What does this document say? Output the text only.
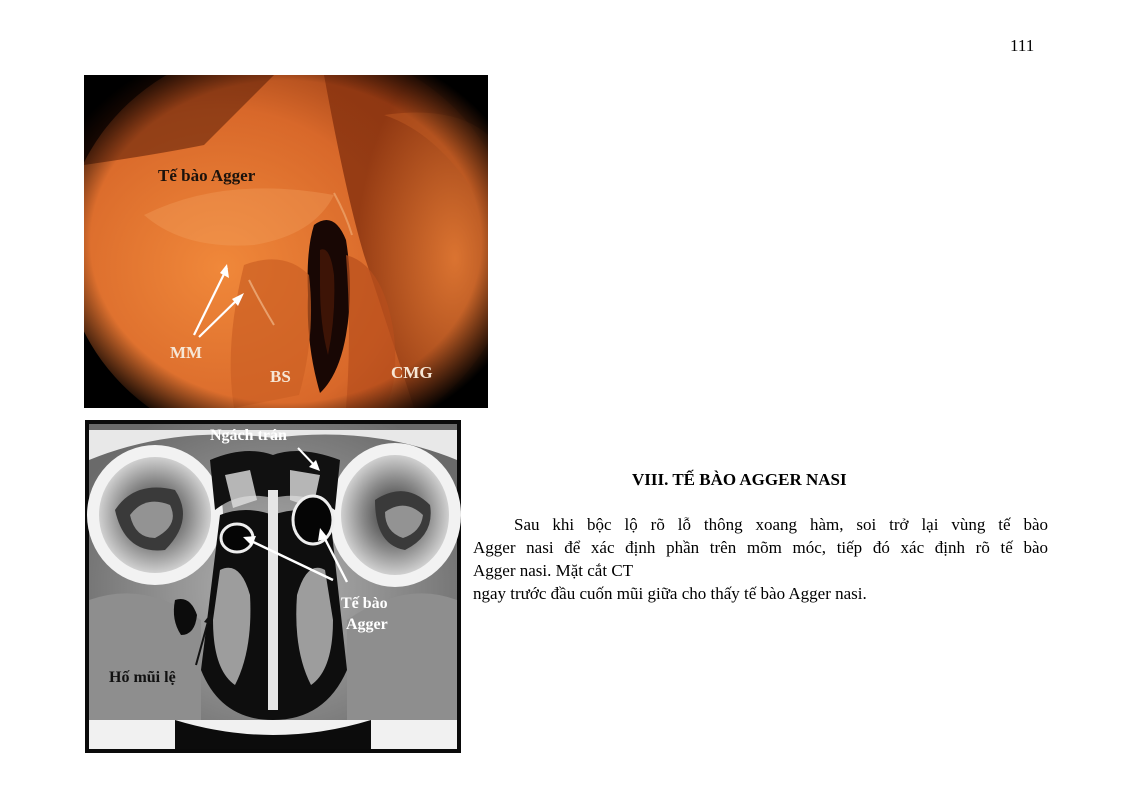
111
Tế bào Agger
MM
BS	CMG
Ngách trán
Tế bào
Agger
Hố mũi lệ
VIII. TẾ BÀO AGGER NASI
Sau khi bộc lộ rõ lỗ thông xoang hàm, soi trở lại vùng tế bào
Agger nasi để xác định phần trên mõm móc, tiếp đó xác định rõ tế bào
Agger nasi. Mặt cắt CT
ngay trước đầu cuốn mũi giữa cho thấy tế bào Agger nasi.
